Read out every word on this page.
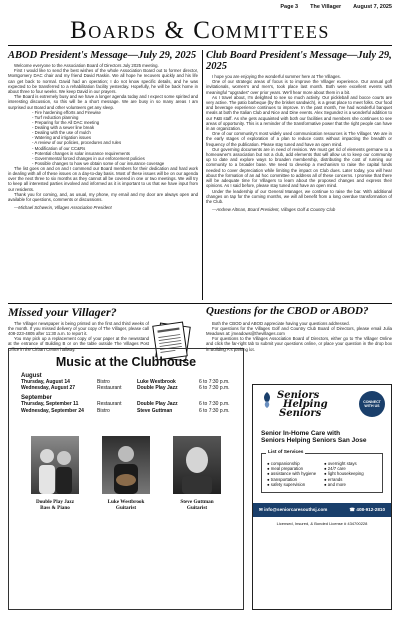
Page 3 The Villager August 7, 2025
Boards & Committees
ABOD President's Message—July 29, 2025
Welcome everyone to the Association Board of Directors July 2025 meeting.
First I would like to send the best wishes of the whole Association Board out to former director, Montgomery DAC chair and my friend David Raskin. We all hope he recovers quickly and his life can get back to normal. David had an operation; I do not know specific details, and he was expected to be transferred to a rehabilitation facility yesterday. Hopefully, he will be back home in about three to four weeks. We keep David in our prayers.
The Board is extremely busy and we have a longer agenda today and I expect some spirited and interesting discussion, so this will be a short message. We are busy in so many areas I am surprised our Board and other volunteers get any sleep.
- Fire hardening efforts and Firewise
- Turf reduction planning
- Preparing for the All DAC meeting
- Dealing with a sewer line break
- Dealing with the use of mulch
- Watering and irrigation issues
- A review of our policies, procedures and rules
- Modification of our CC&Rs
- Potential changes in solar insurance requirements
- Governmental forced changes in our enforcement policies
- Possible changes to how we obtain some of our insurance coverage
The list goes on and on and I commend our Board members for their dedication and hard work in dealing with all of these issues on a day-to-day basis. Most of these issues will be on our agenda over the next three to six months as they cannot all be covered in one or two meetings. We will try to keep all interested parties involved and informed as it is important to us that we have input from our residents.
Thank you for coming, and, as usual, my phone, my email and my door are always open and available for questions, comments or discussions.
—Michael Schwerin, Villages Association President
Club Board President's Message—July 29, 2025
I hope you are enjoying the wonderful summer here at The Villages.
One of our strategic areas of focus is to improve the Villager experience. Our annual golf invitationals, women's and men's, took place last month. Both were excellent events with meaningful "upgrades" over prior years. We'll hear more about them in a bit.
As I travel about, I'm delighted to see so much activity. Our pickleball and bocce courts are very active. The patio barbeque (by the brisket sandwich), is a great place to meet folks. Our food and beverage experience continues to improve. In the past month, I've had wonderful banquet meals at both the Italian Club and Nice and Dine events. Alex Segundez is a wonderful addition to our F&B staff. As she gets acquainted with both our facilities and members she continues to see areas of opportunity. This is a reminder of the transformative power that the right people can have in an organization.
One of our community's most widely used communication resources is The Villager. We are in the early stages of exploration of a plan to reduce costs without impacting the breadth or frequency of the publication. Please stay tuned and have an open mind.
Our governing documents are in need of revision. We must get rid of elements germane to a homeowner's association but not a club, add elements that will allow us to keep our community up to date and explore ways to broaden membership, distributing the cost of running our community to a broader base. We need to develop a mechanism to raise the capital funds needed to cover depreciation while limiting the impact on Club dues. Later today, you will hear about the formation of an ad hoc committee to address all of these concerns. I promise that there will be adequate time for Villagers to learn about the proposed changes and express their opinions. As I said before, please stay tuned and have an open mind.
Under the leadership of our General Manager, we continue to raise the bar. With additional changes on tap for the coming months, we will all benefit from a long overdue transformation of the Club.
—Andrew Altman, Board President, Villages Golf & Country Club
Missed your Villager?
The Villager newspaper is being printed on the first and third weeks of the month. If you missed delivery of your copy of The Villager, please call 408-223-4805 after 11:30 a.m. to report it.
You may pick up a replacement copy of your paper at the newsstand at the entrance of Building B or on the table outside The Villages Post Office in the Cirbart Center hallway.
Questions for the CBOD or ABOD?
Both the CBOD and ABOD appreciate having your questions addressed.
For questions for the Villages Golf and Country Club Board of Directors, please email Julia Meadows at: jmeadows@thevillages.com
For questions to the Villages Association Board of Directors, either go to The Villager Online and click the far-right tab to submit your questions online, or place your question in the drop box in Building A's parking lot.
Music at the Clubhouse
August
Thursday, August 14	Bistro	Luke Westbrook	6 to 7:30 p.m.
Wednesday, August 27	Restaurant	Double Play Jazz	6 to 7:30 p.m.
September
Thursday, September 11	Restaurant	Double Play Jazz	6 to 7:30 p.m.
Wednesday, September 24	Bistro	Steve Guttman	6 to 7:30 p.m.
Double Play Jazz
Bass & Piano
Luke Westbrook
Guitarist
Steve Guttman
Guitarist
Seniors
Helping
Seniors
CONNECT WITH US
Senior In-Home Care with
Seniors Helping Seniors San Jose
List of Services
● companionship
● meal preparation
● assistance with hygiene
● transportation
● safety supervision
● overnight stays
● 24/7 care
● light housekeeping
● errands
● and more
✉ info@seniorcaresouthsj.com	☎ 408-912-2810
Licensed, Insured, & Bonded License # 434700228
